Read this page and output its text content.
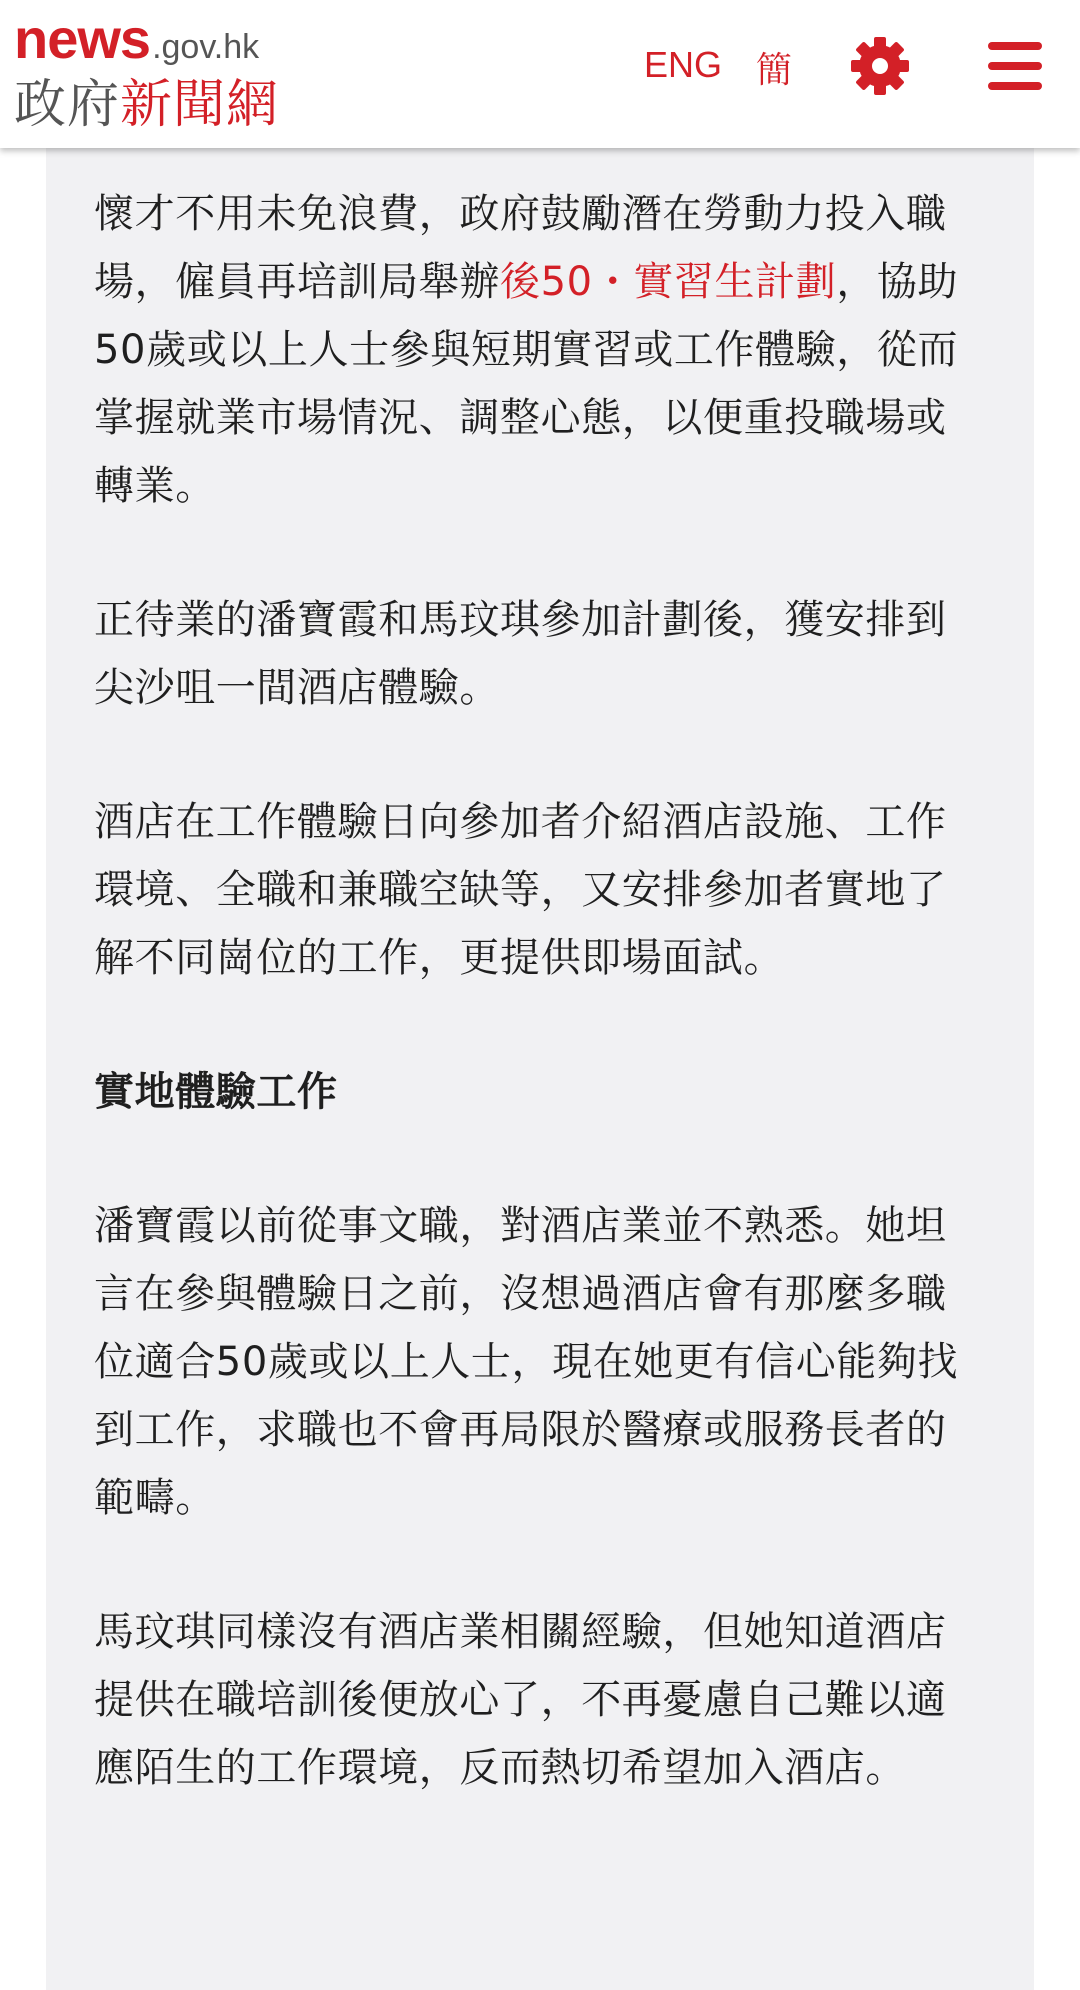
news.gov.hk
政府新聞網
ENG 簡

懷才不用未免浪費，政府鼓勵潛在勞動力投入職場，僱員再培訓局舉辦後50・實習生計劃，協助50歲或以上人士參與短期實習或工作體驗，從而掌握就業市場情況、調整心態，以便重投職場或轉業。

正待業的潘寶霞和馬玟琪參加計劃後，獲安排到尖沙咀一間酒店體驗。

酒店在工作體驗日向參加者介紹酒店設施、工作環境、全職和兼職空缺等，又安排參加者實地了解不同崗位的工作，更提供即場面試。

實地體驗工作

潘寶霞以前從事文職，對酒店業並不熟悉。她坦言在參與體驗日之前，沒想過酒店會有那麼多職位適合50歲或以上人士，現在她更有信心能夠找到工作，求職也不會再局限於醫療或服務長者的範疇。

馬玟琪同樣沒有酒店業相關經驗，但她知道酒店提供在職培訓後便放心了，不再憂慮自己難以適應陌生的工作環境，反而熱切希望加入酒店。
